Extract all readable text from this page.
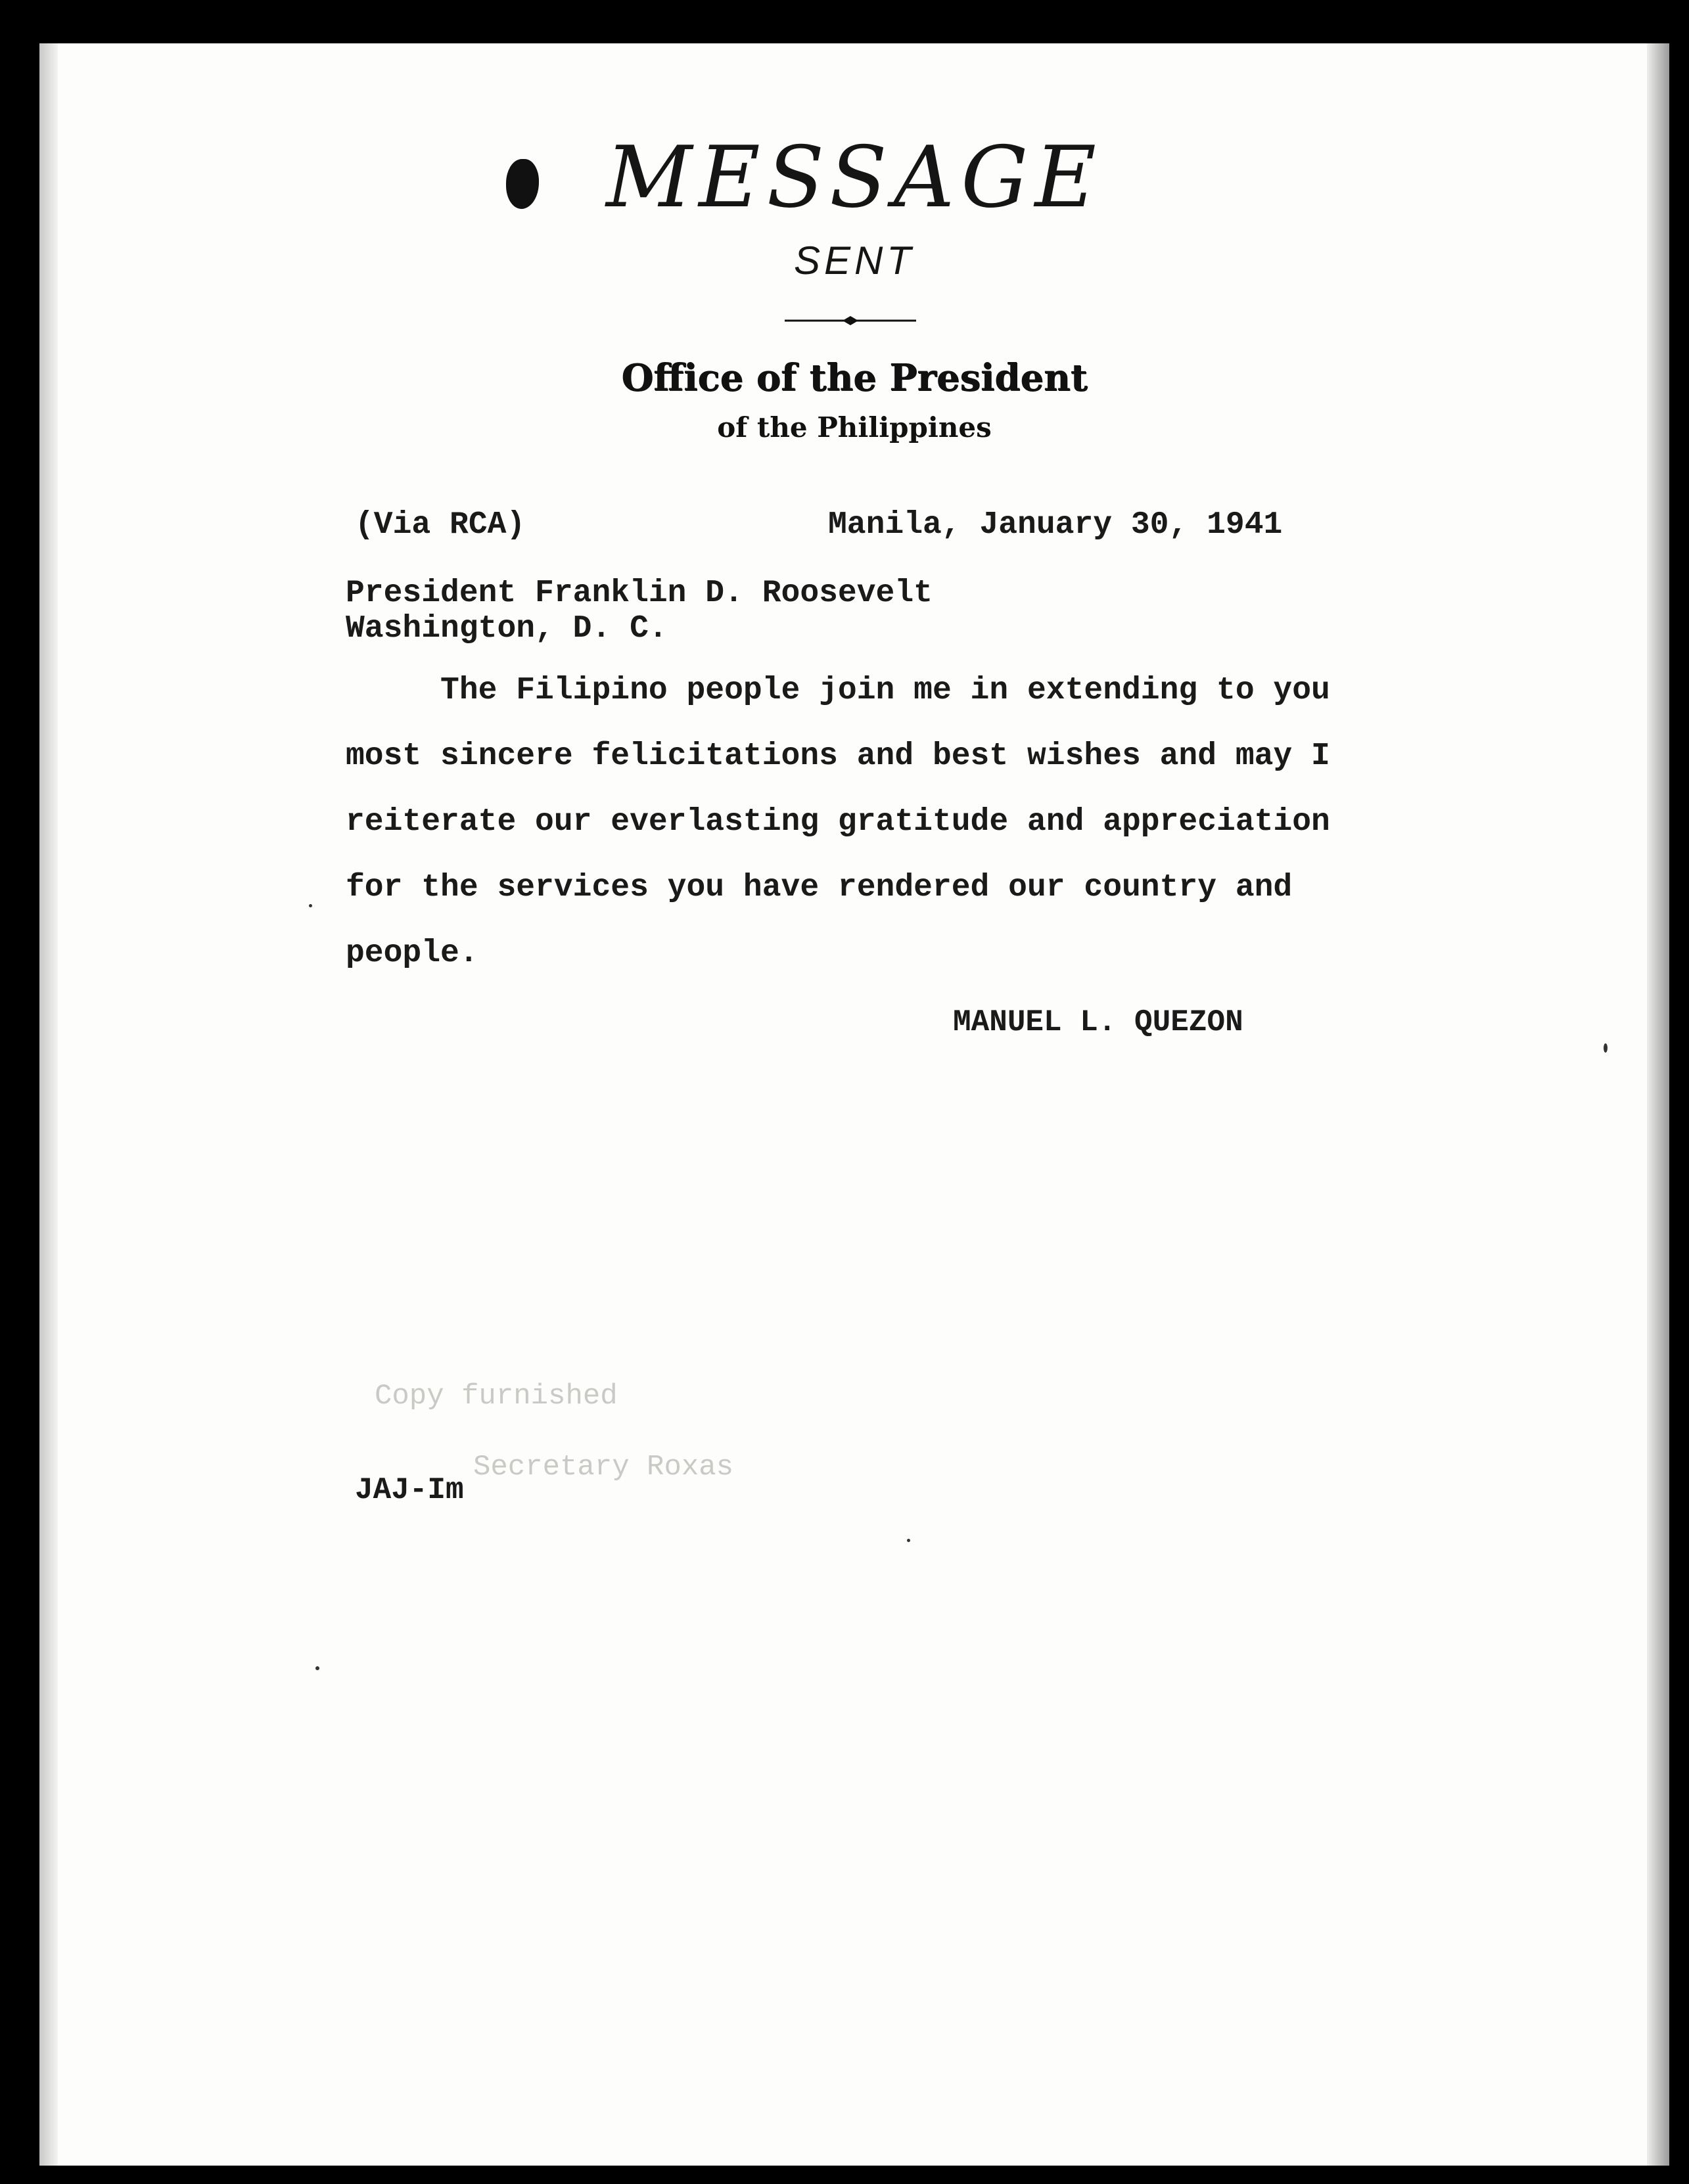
MESSAGE
SENT
Office of the President
of the Philippines
(Via RCA)	Manila, January 30, 1941
President Franklin D. Roosevelt
Washington, D. C.
The Filipino people join me in extending to you
most sincere felicitations and best wishes and may I
reiterate our everlasting gratitude and appreciation
for the services you have rendered our country and
people.
MANUEL L. QUEZON
Copy furnished
Secretary Roxas
JAJ-Im
